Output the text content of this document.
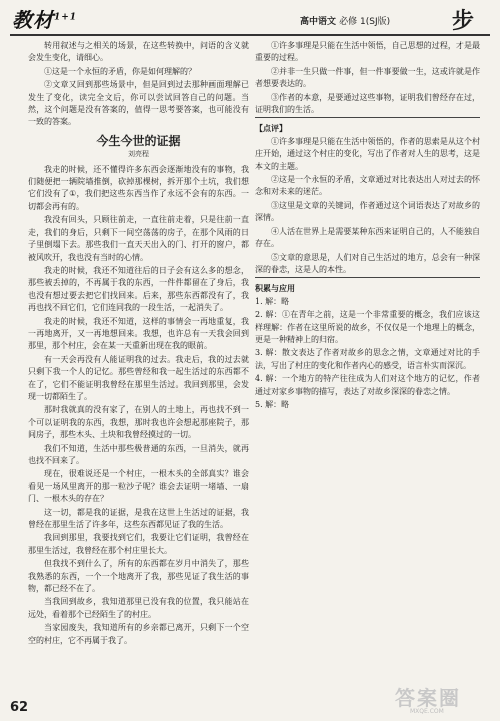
教材$^{1+1}$	高中语文 必修 1(SJ版)	步

转用叙述与之相关的场景，在这些转换中，问语的含义就会发生变化，请细心。

①这是一个永恒的矛盾，你是如何理解的？

②文章又回到那些场景中，但是回到过去那种画面理解已发生了变化，读完全文后，你可以尝试回答自己的问题。当然，这个问题是没有答案的，值得一思考要答案，也可能没有一致的答案。

今生今世的证据
刘亮程

我走的时候，还不懂得许多东西会逐渐地没有的事物，我们随便把一辆院墙推倒，砍掉那棵树，拆开那个土坑，我们想它们没有了①，我们把这些东西当作了永远不会有的东西。一切都会再有的。

我没有回头，只顾往前走，一直往前走着，只是往前一直走，我们的身后，只剩下一间空荡荡的房子，在那个风雨的日子里倒塌下去。那些我们一直天天出入的门、打开的窗户，都被风吹开，我也没有当时的心情。

我走的时候，我还不知道往后的日子会有这么多的想念，那些被丢掉的，不再属于我的东西，一件件都留在了身后，我也没有想过要去把它们找回来。后来，那些东西都没有了，我再也找不回它们，它们连同我的一段生活，一起消失了。

我走的时候，我还不知道，这样的事情会一再地重复，我一再地离开，又一再地想回来。我想，也许总有一天我会回到那里，那个村庄，会在某一天重新出现在我的眼前。

有一天会再没有人能证明我的过去。我走后，我的过去就只剩下我一个人的记忆。那些曾经和我一起生活过的东西都不在了，它们不能证明我曾经在那里生活过。我回到那里，会发现一切都陌生了。

那时我就真的没有家了，在别人的土地上，再也找不到一个可以证明我的东西，我想，那时我也许会想起那座院子，那间房子，那些木头、土块和我曾经摸过的一切。

我们不知道，生活中那些极普通的东西，一旦消失，就再也找不回来了。

现在，很难说还是一个村庄，一根木头的全部真实？谁会看见一场风里离开的那一粒沙子呢？谁会去证明一堵墙、一扇门、一根木头的存在？

这一切，都是我的证据，是我在这世上生活过的证据，我曾经在那里生活了许多年，这些东西都见证了我的生活。

我回到那里，我要找到它们，我要让它们证明，我曾经在那里生活过，我曾经在那个村庄里长大。

但我找不到什么了，所有的东西都在岁月中消失了，那些我熟悉的东西，一个一个地离开了我，那些见证了我生活的事物，都已经不在了。

当我回到故乡，我知道那里已没有我的位置，我只能站在远处，看着那个已经陌生了的村庄。

当家园废失，我知道所有的乡亲都已离开，只剩下一个空空的村庄，它不再属于我了。

①许多事理是只能在生活中领悟，自己思想的过程，才是最重要的过程。

②并非一生只做一件事，但一件事要做一生，这或许就是作者想要表达的。

③作者的本意，是要通过这些事物，证明我们曾经存在过，证明我们的生活。

【点评】

①许多事理是只能在生活中领悟的，作者的思索是从这个村庄开始，通过这个村庄的变化，写出了作者对人生的思考，这是本文的主题。

②这是一个永恒的矛盾，文章通过对比表达出人对过去的怀念和对未来的迷茫。

③这里是文章的关键词，作者通过这个词语表达了对故乡的深情。

④人活在世界上是需要某种东西来证明自己的，人不能独自存在。

⑤文章的意思是，人们对自己生活过的地方，总会有一种深深的眷恋，这是人的本性。

积累与应用

1. 解：略

2. 解：①在青年之前，这是一个非常重要的概念，我们应该这样理解：作者在这里所说的故乡，不仅仅是一个地理上的概念，更是一种精神上的归宿。

3. 解：散文表达了作者对故乡的思念之情，文章通过对比的手法，写出了村庄的变化和作者内心的感受，语言朴实而深沉。

4. 解：一个地方的特产往往成为人们对这个地方的记忆，作者通过对家乡事物的描写，表达了对故乡深深的眷恋之情。

5. 解：略

62	答案圈
MXQE.COM
